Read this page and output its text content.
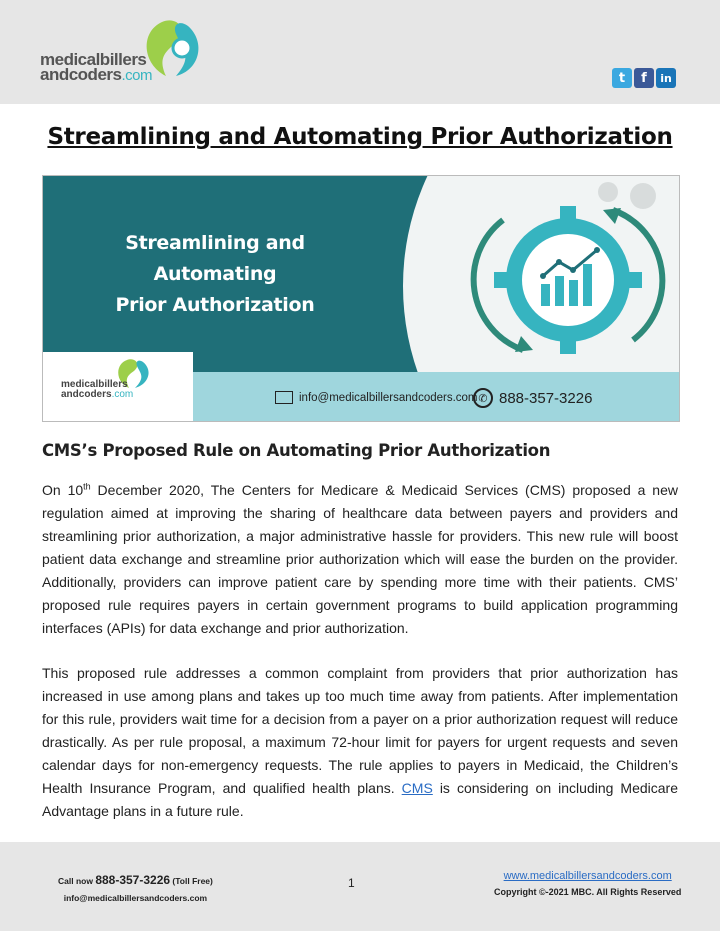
medicalbillers
andcoders.com	t	f	in
Streamlining and Automating Prior Authorization
Streamlining and
Automating
Prior Authorization
medicalbillers
andcoders.com	info@medicalbillersandcoders.com ✆ 888-357-3226
CMS’s Proposed Rule on Automating Prior Authorization

On 10th December 2020, The Centers for Medicare & Medicaid Services (CMS) proposed a new regulation aimed at improving the sharing of healthcare data between payers and providers and streamlining prior authorization, a major administrative hassle for providers. This new rule will boost patient data exchange and streamline prior authorization which will ease the burden on the provider. Additionally, providers can improve patient care by spending more time with their patients. CMS’ proposed rule requires payers in certain government programs to build application programming interfaces (APIs) for data exchange and prior authorization.

This proposed rule addresses a common complaint from providers that prior authorization has increased in use among plans and takes up too much time away from patients. After implementation for this rule, providers wait time for a decision from a payer on a prior authorization request will reduce drastically. As per rule proposal, a maximum 72-hour limit for payers for urgent requests and seven calendar days for non-emergency requests. The rule applies to payers in Medicaid, the Children’s Health Insurance Program, and qualified health plans. CMS is considering on including Medicare Advantage plans in a future rule.

Call now 888-357-3226 (Toll Free)
info@medicalbillersandcoders.com
1	www.medicalbillersandcoders.com
Copyright ©-2021 MBC. All Rights Reserved
